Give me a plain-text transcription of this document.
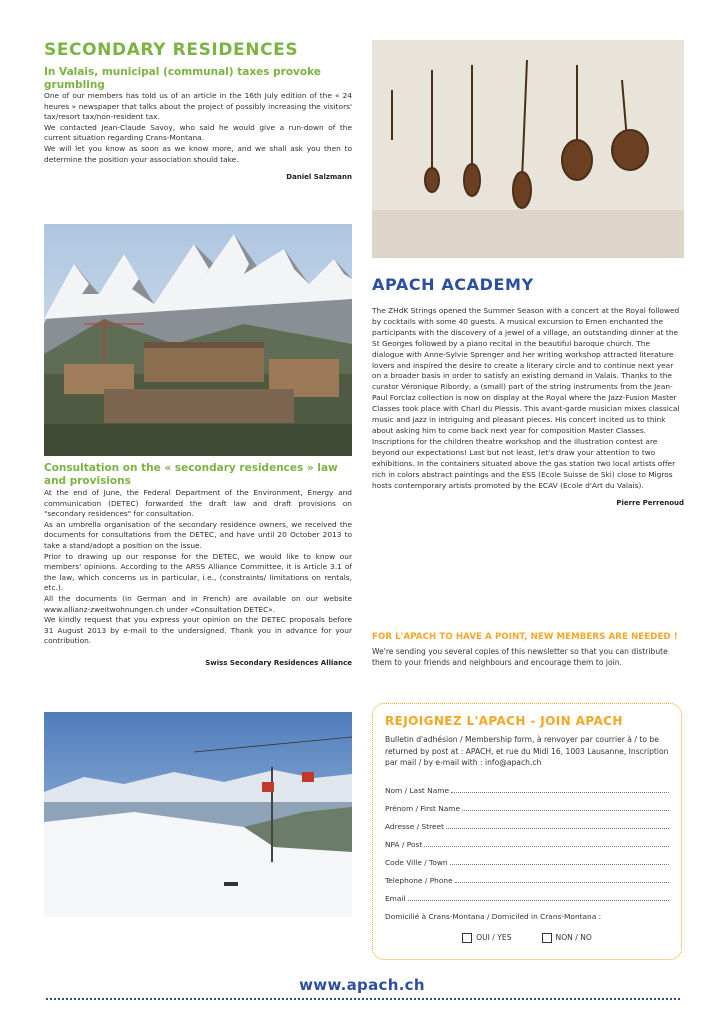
SECONDARY RESIDENCES
In Valais, municipal (communal) taxes provoke grumbling

One of our members has told us of an article in the 16th July edition of the « 24 heures » newspaper that talks about the project of possibly increasing the visitors' tax/resort tax/non-resident tax.

We contacted Jean-Claude Savoy, who said he would give a run-down of the current situation regarding Crans-Montana.

We will let you know as soon as we know more, and we shall ask you then to determine the position your association should take.

Daniel Salzmann

Consultation on the « secondary residences » law and provisions

At the end of June, the Federal Department of the Environment, Energy and communication (DETEC) forwarded the draft law and draft provisions on "secondary residences" for consultation.

As an umbrella organisation of the secondary residence owners, we received the documents for consultations from the DETEC, and have until 20 October 2013 to take a stand/adopt a position on the issue.

Prior to drawing up our response for the DETEC, we would like to know our members' opinions. According to the ARSS Alliance Committee, it is Article 3.1 of the law, which concerns us in particular, i.e., (constraints/ limitations on rentals, etc.).

All the documents (in German and in French) are available on our website www.allianz-zweitwohnungen.ch under «Consultation DETEC».

We kindly request that you express your opinion on the DETEC proposals before 31 August 2013 by e-mail to the undersigned. Thank you in advance for your contribution.

Swiss Secondary Residences Alliance

APACH ACADEMY

The ZHdK Strings opened the Summer Season with a concert at the Royal followed by cocktails with some 40 guests. A musical excursion to Ernen enchanted the participants with the discovery of a jewel of a village, an outstanding dinner at the St Georges followed by a piano recital in the beautiful baroque church. The dialogue with Anne-Sylvie Sprenger and her writing workshop attracted literature lovers and inspired the desire to create a literary circle and to continue next year on a broader basis in order to satisfy an existing demand in Valais. Thanks to the curator Véronique Ribordy, a (small) part of the string instruments from the Jean-Paul Forclaz collection is now on display at the Royal where the Jazz-Fusion Master Classes took place with Charl du Plessis. This avant-garde musician mixes classical music and jazz in intriguing and pleasant pieces. His concert incited us to think about asking him to come back next year for composition Master Classes. Inscriptions for the children theatre workshop and the illustration contest are beyond our expectations! Last but not least, let's draw your attention to two exhibitions. In the containers situated above the gas station two local artists offer rich in colors abstract paintings and the ESS (Ecole Suisse de Ski) close to Migros hosts contemporary artists promoted by the ECAV (Ecole d'Art du Valais).

Pierre Perrenoud

FOR L'APACH TO HAVE A POINT, NEW MEMBERS ARE NEEDED !
We're sending you several copies of this newsletter so that you can distribute them to your friends and neighbours and encourage them to join.
REJOIGNEZ L'APACH - JOIN APACH
Bulletin d'adhésion / Membership form, à renvoyer par courrier à / to be returned by post at : APACH, et rue du Midi 16, 1003 Lausanne, Inscription par mail / by e-mail with : info@apach.ch
Nom / Last Name
Prénom / First Name
Adresse / Street
NPA / Post
Code Ville / Town
Telephone / Phone
Email
Domicilié à Crans-Montana / Domiciled in Crans-Montana :
OUI / YES	NON / NO
www.apach.ch
